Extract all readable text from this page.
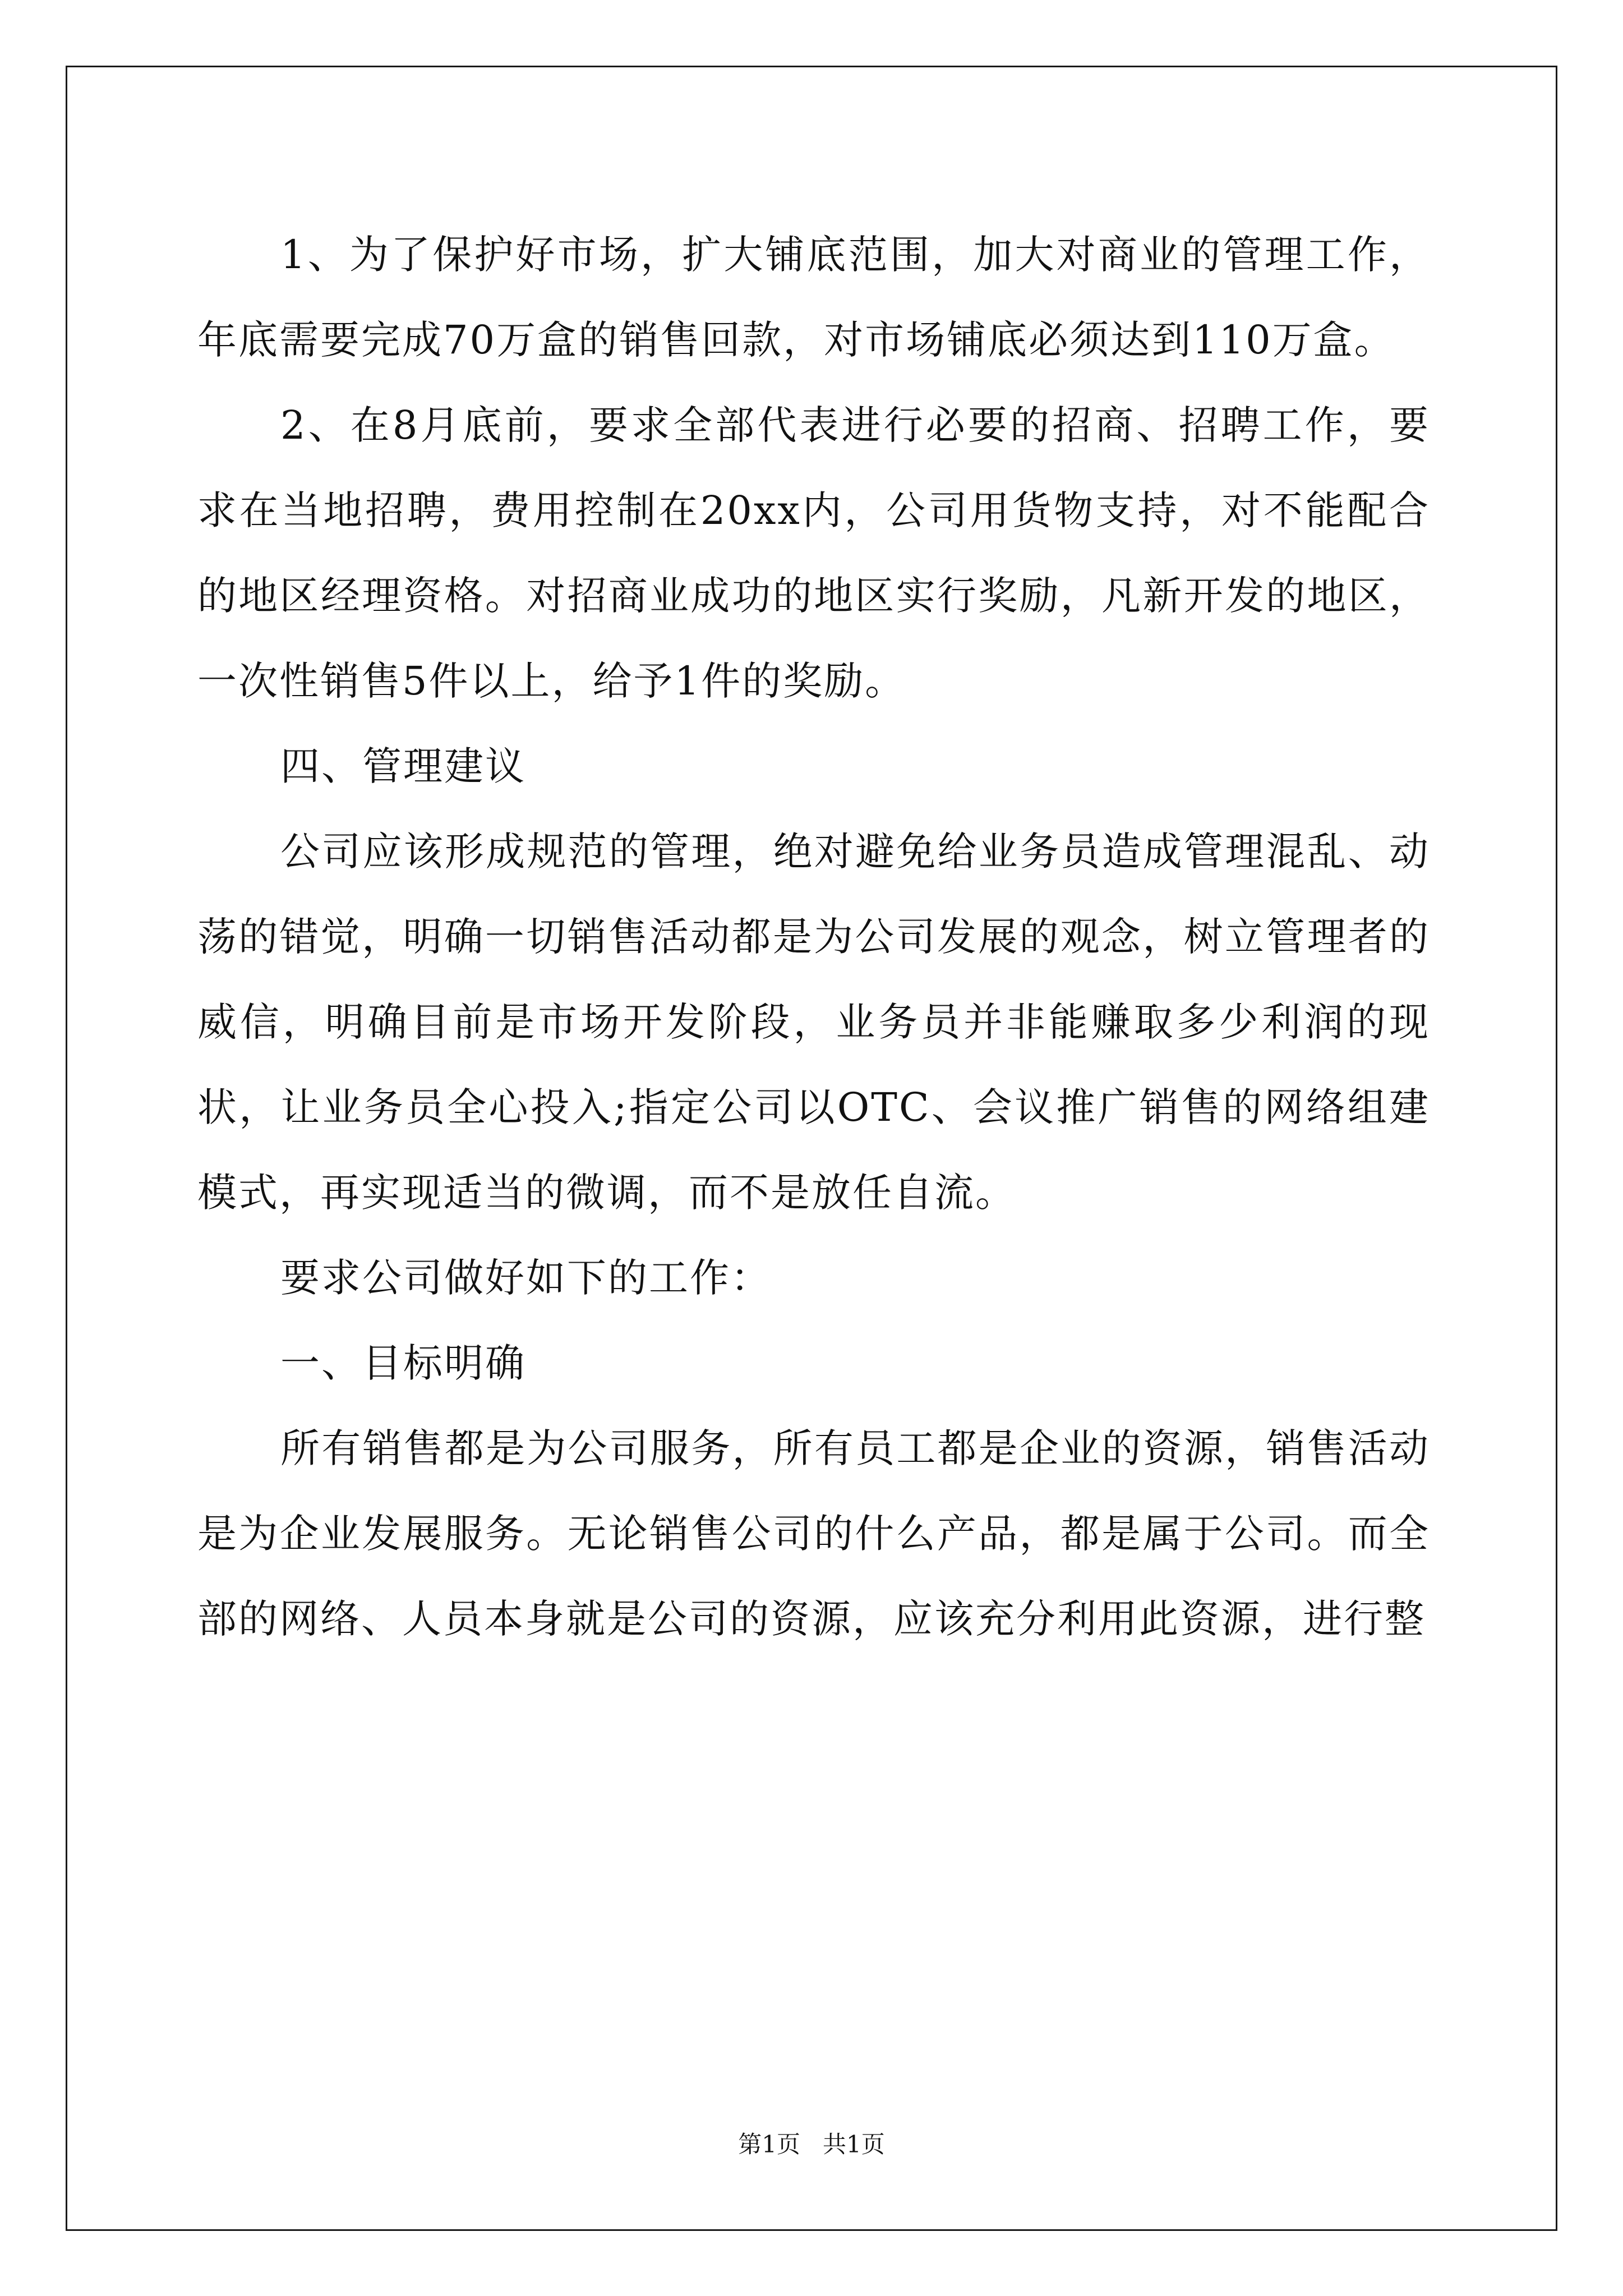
1、为了保护好市场，扩大铺底范围，加大对商业的管理工作，年底需要完成70万盒的销售回款，对市场铺底必须达到110万盒。

2、在8月底前，要求全部代表进行必要的招商、招聘工作，要求在当地招聘，费用控制在20xx内，公司用货物支持，对不能配合的地区经理资格。对招商业成功的地区实行奖励，凡新开发的地区，一次性销售5件以上，给予1件的奖励。

四、管理建议

公司应该形成规范的管理，绝对避免给业务员造成管理混乱、动荡的错觉，明确一切销售活动都是为公司发展的观念，树立管理者的威信，明确目前是市场开发阶段，业务员并非能赚取多少利润的现状，让业务员全心投入;指定公司以OTC、会议推广销售的网络组建模式，再实现适当的微调，而不是放任自流。

要求公司做好如下的工作：

一、目标明确

所有销售都是为公司服务，所有员工都是企业的资源，销售活动是为企业发展服务。无论销售公司的什么产品，都是属于公司。而全部的网络、人员本身就是公司的资源，应该充分利用此资源，进行整

第1页 共1页
